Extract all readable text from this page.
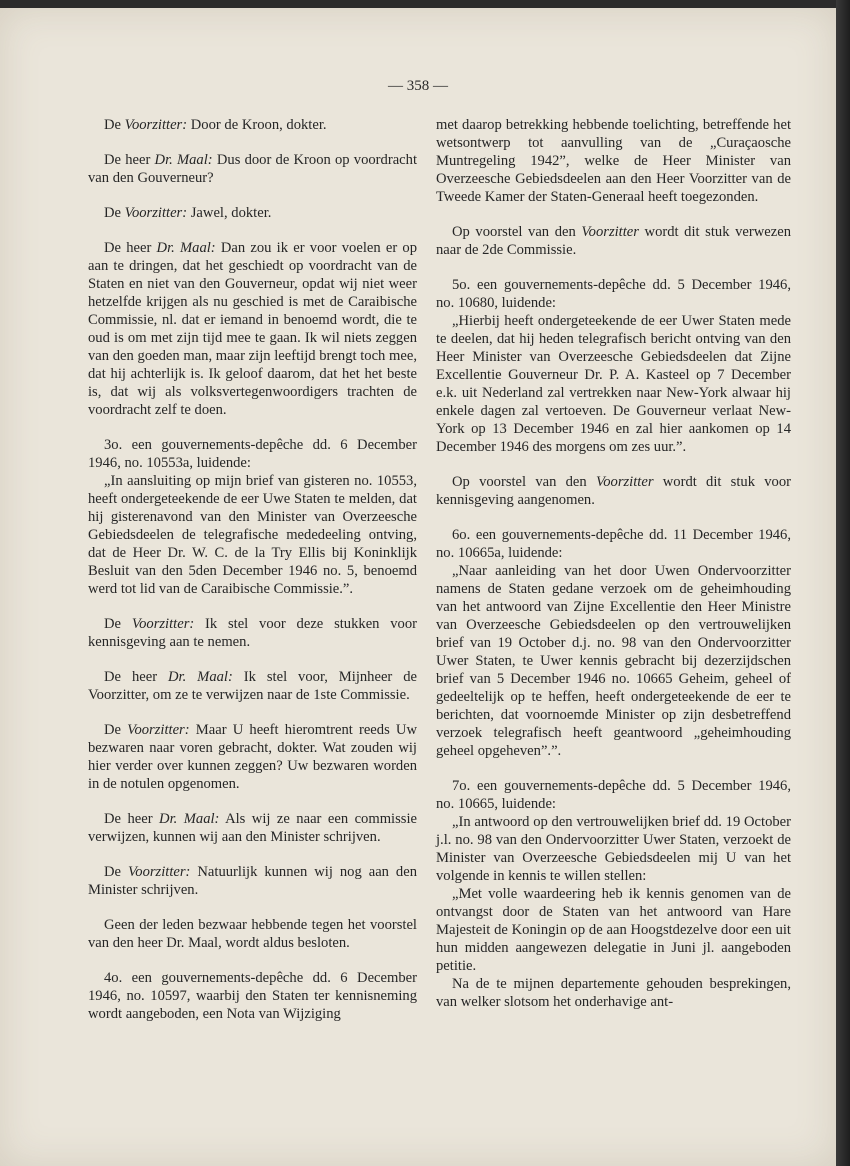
— 358 —

De Voorzitter: Door de Kroon, dokter.

De heer Dr. Maal: Dus door de Kroon op voordracht van den Gouverneur?

De Voorzitter: Jawel, dokter.

De heer Dr. Maal: Dan zou ik er voor voelen er op aan te dringen, dat het geschiedt op voordracht van de Staten en niet van den Gouverneur, opdat wij niet weer hetzelfde krijgen als nu geschied is met de Caraibische Commissie, nl. dat er iemand in benoemd wordt, die te oud is om met zijn tijd mee te gaan. Ik wil niets zeggen van den goeden man, maar zijn leeftijd brengt toch mee, dat hij achterlijk is. Ik geloof daarom, dat het het beste is, dat wij als volksvertegenwoordigers trachten de voordracht zelf te doen.

3o. een gouvernements-depêche dd. 6 December 1946, no. 10553a, luidende:

„In aansluiting op mijn brief van gisteren no. 10553, heeft ondergeteekende de eer Uwe Staten te melden, dat hij gisterenavond van den Minister van Overzeesche Gebiedsdeelen de telegrafische mededeeling ontving, dat de Heer Dr. W. C. de la Try Ellis bij Koninklijk Besluit van den 5den December 1946 no. 5, benoemd werd tot lid van de Caraibische Commissie.”.

De Voorzitter: Ik stel voor deze stukken voor kennisgeving aan te nemen.

De heer Dr. Maal: Ik stel voor, Mijnheer de Voorzitter, om ze te verwijzen naar de 1ste Commissie.

De Voorzitter: Maar U heeft hieromtrent reeds Uw bezwaren naar voren gebracht, dokter. Wat zouden wij hier verder over kunnen zeggen? Uw bezwaren worden in de notulen opgenomen.

De heer Dr. Maal: Als wij ze naar een commissie verwijzen, kunnen wij aan den Minister schrijven.

De Voorzitter: Natuurlijk kunnen wij nog aan den Minister schrijven.

Geen der leden bezwaar hebbende tegen het voorstel van den heer Dr. Maal, wordt aldus besloten.

4o. een gouvernements-depêche dd. 6 December 1946, no. 10597, waarbij den Staten ter kennisneming wordt aangeboden, een Nota van Wijziging

met daarop betrekking hebbende toelichting, betreffende het wetsontwerp tot aanvulling van de „Curaçaosche Muntregeling 1942”, welke de Heer Minister van Overzeesche Gebiedsdeelen aan den Heer Voorzitter van de Tweede Kamer der Staten-Generaal heeft toegezonden.

Op voorstel van den Voorzitter wordt dit stuk verwezen naar de 2de Commissie.

5o. een gouvernements-depêche dd. 5 December 1946, no. 10680, luidende:

„Hierbij heeft ondergeteekende de eer Uwer Staten mede te deelen, dat hij heden telegrafisch bericht ontving van den Heer Minister van Overzeesche Gebiedsdeelen dat Zijne Excellentie Gouverneur Dr. P. A. Kasteel op 7 December e.k. uit Nederland zal vertrekken naar New-York alwaar hij enkele dagen zal vertoeven. De Gouverneur verlaat New-York op 13 December 1946 en zal hier aankomen op 14 December 1946 des morgens om zes uur.”.

Op voorstel van den Voorzitter wordt dit stuk voor kennisgeving aangenomen.

6o. een gouvernements-depêche dd. 11 December 1946, no. 10665a, luidende:

„Naar aanleiding van het door Uwen Ondervoorzitter namens de Staten gedane verzoek om de geheimhouding van het antwoord van Zijne Excellentie den Heer Ministre van Overzeesche Gebiedsdeelen op den vertrouwelijken brief van 19 October d.j. no. 98 van den Ondervoorzitter Uwer Staten, te Uwer kennis gebracht bij dezerzijdschen brief van 5 December 1946 no. 10665 Geheim, geheel of gedeeltelijk op te heffen, heeft ondergeteekende de eer te berichten, dat voornoemde Minister op zijn desbetreffend verzoek telegrafisch heeft geantwoord „geheimhouding geheel opgeheven”.”.

7o. een gouvernements-depêche dd. 5 December 1946, no. 10665, luidende:

„In antwoord op den vertrouwelijken brief dd. 19 October j.l. no. 98 van den Ondervoorzitter Uwer Staten, verzoekt de Minister van Overzeesche Gebiedsdeelen mij U van het volgende in kennis te willen stellen:

„Met volle waardeering heb ik kennis genomen van de ontvangst door de Staten van het antwoord van Hare Majesteit de Koningin op de aan Hoogstdezelve door een uit hun midden aangewezen delegatie in Juni jl. aangeboden petitie.

Na de te mijnen departemente gehouden besprekingen, van welker slotsom het onderhavige ant-
